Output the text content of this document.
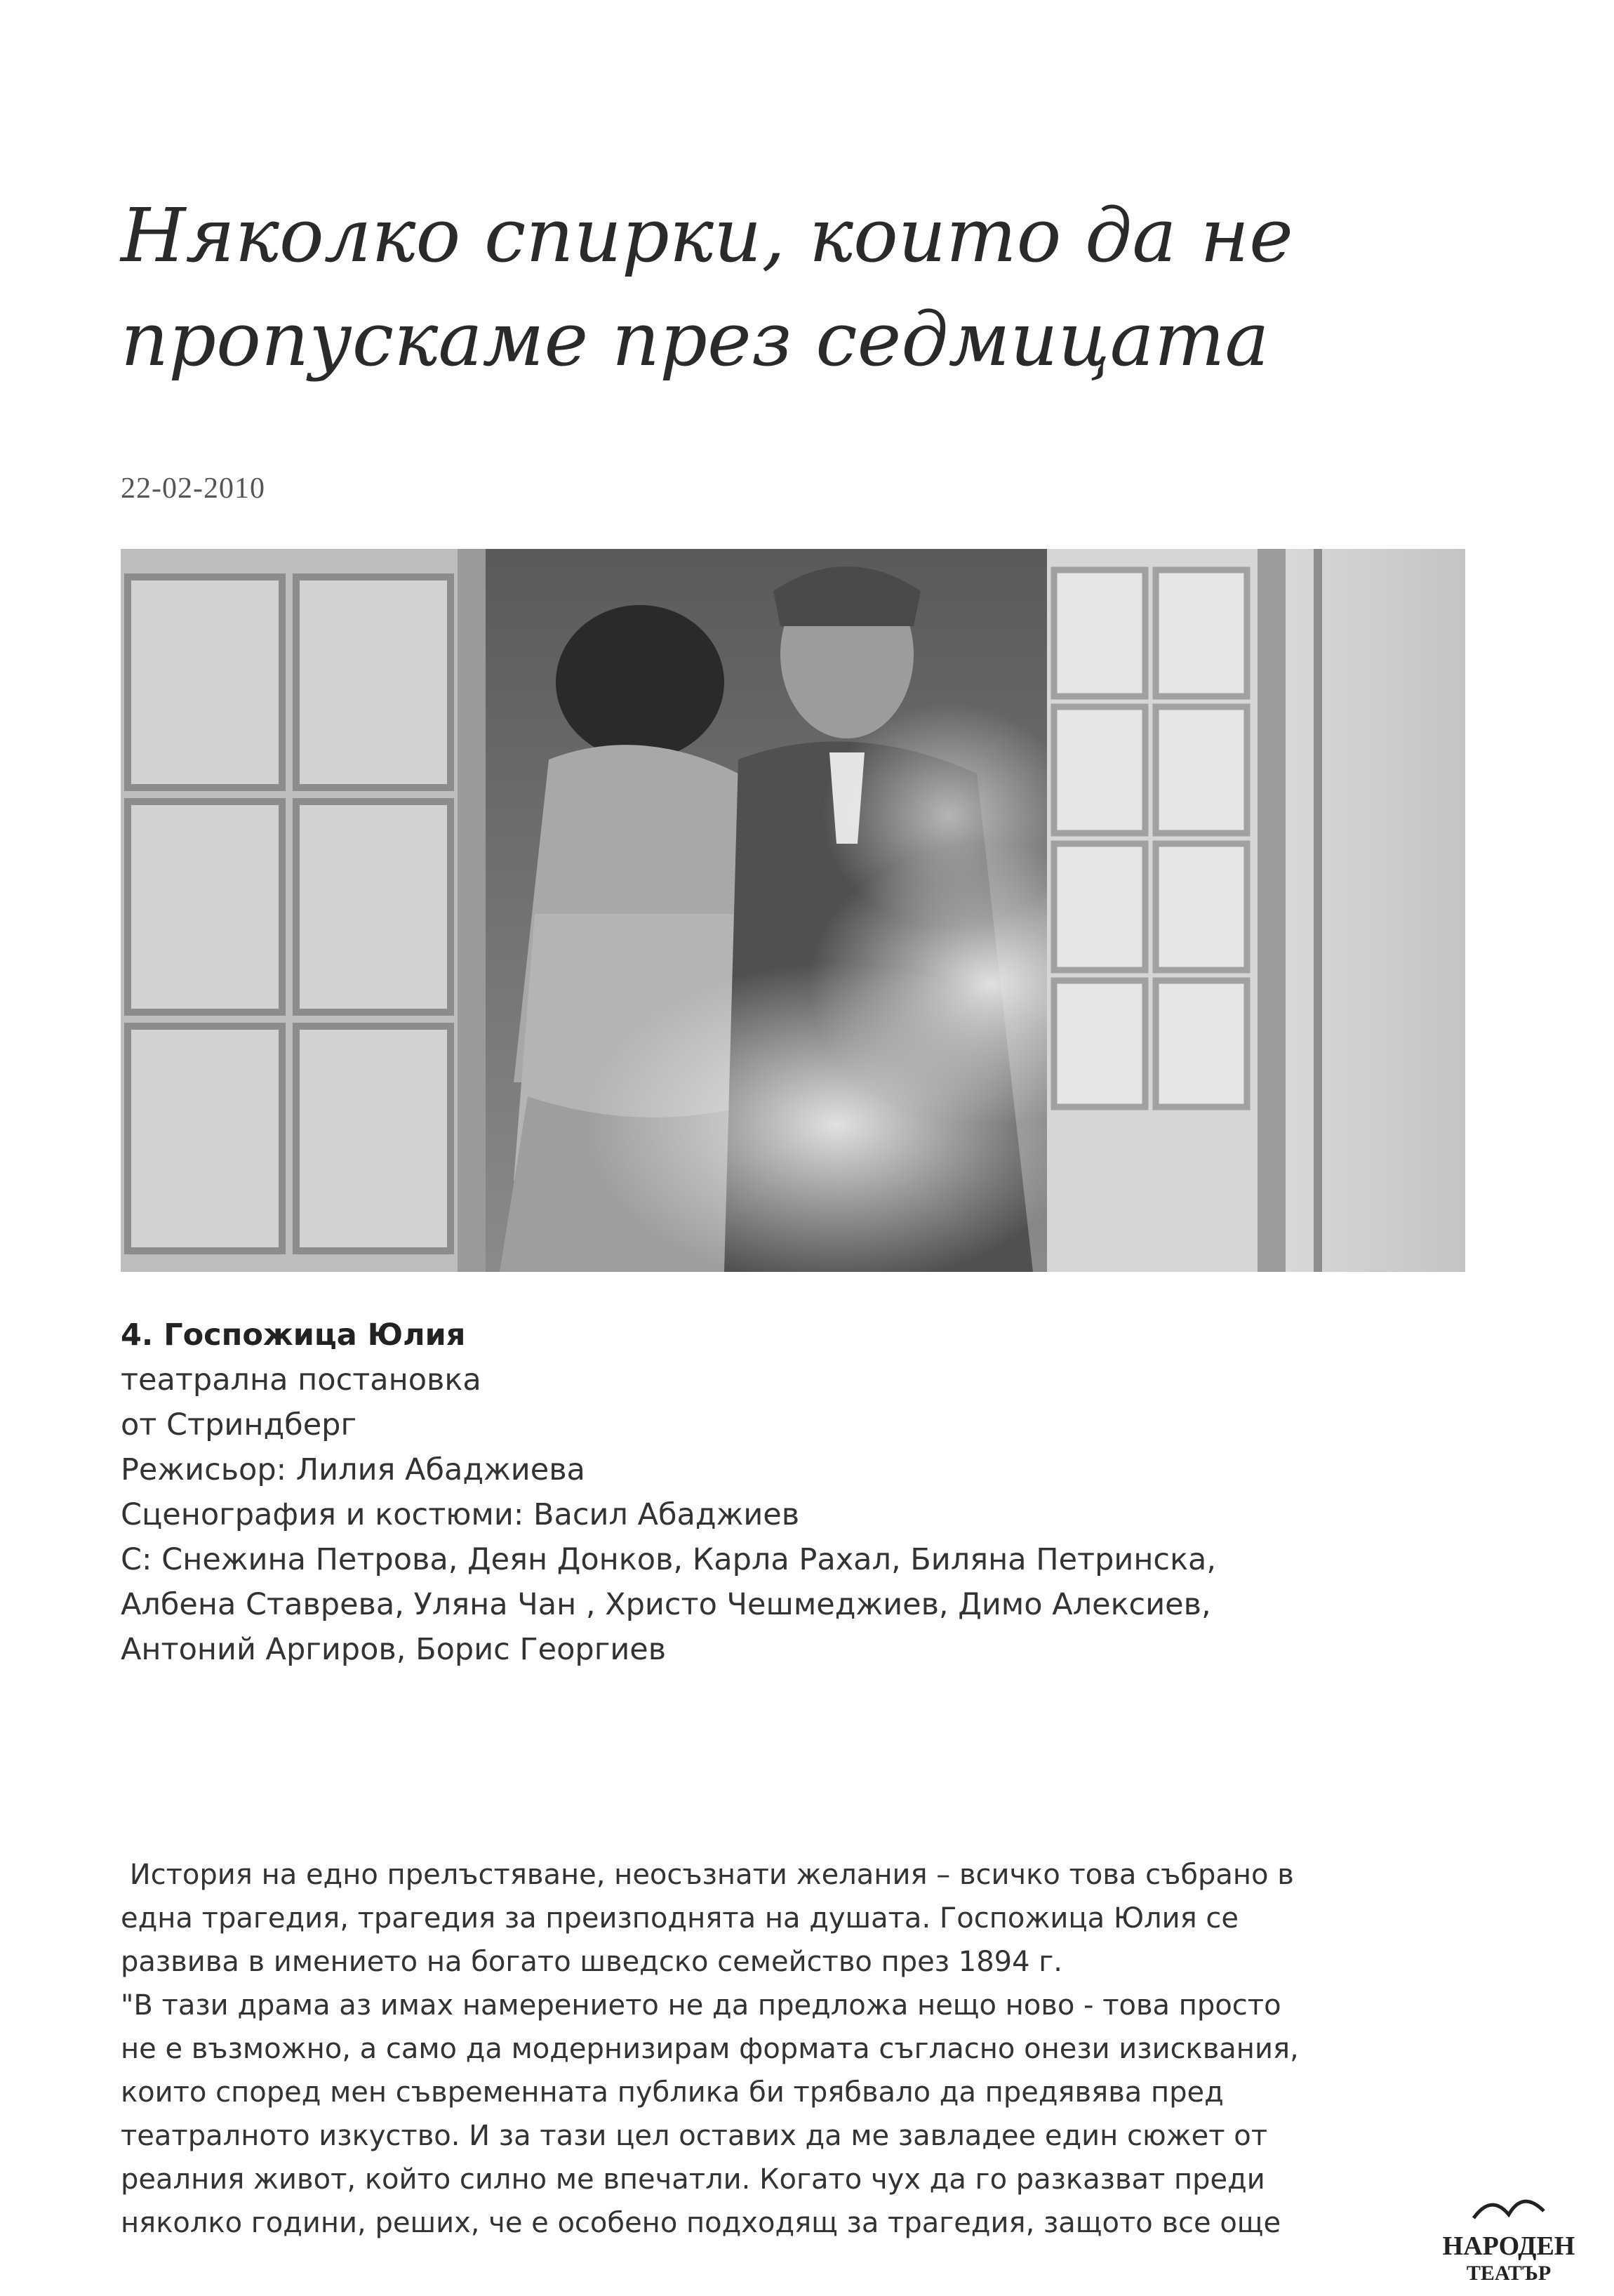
Няколко спирки, които да не
пропускаме през седмицата
22-02-2010
4. Госпожица Юлия
театрална постановка
от Стриндберг
Режисьор: Лилия Абаджиева
Сценография и костюми: Васил Абаджиев
С: Снежина Петрова, Деян Донков, Карла Рахал, Биляна Петринска,
Албена Ставрева, Уляна Чан , Христо Чешмеджиев, Димо Алексиев,
Антоний Аргиров, Борис Георгиев
История на едно прелъстяване, неосъзнати желания – всичко това събрано в
една трагедия, трагедия за преизподнята на душата. Госпожица Юлия се
развива в имението на богато шведско семейство през 1894 г.
"В тази драма аз имах намерението не да предложа нещо ново - това просто
не е възможно, а само да модернизирам формата съгласно онези изисквания,
които според мен съвременната публика би трябвало да предявява пред
театралното изкуство. И за тази цел оставих да ме завладее един сюжет от
реалния живот, който силно ме впечатли. Когато чух да го разказват преди
няколко години, реших, че е особено подходящ за трагедия, защото все още
НАРОДЕН
ТЕАТЪР
